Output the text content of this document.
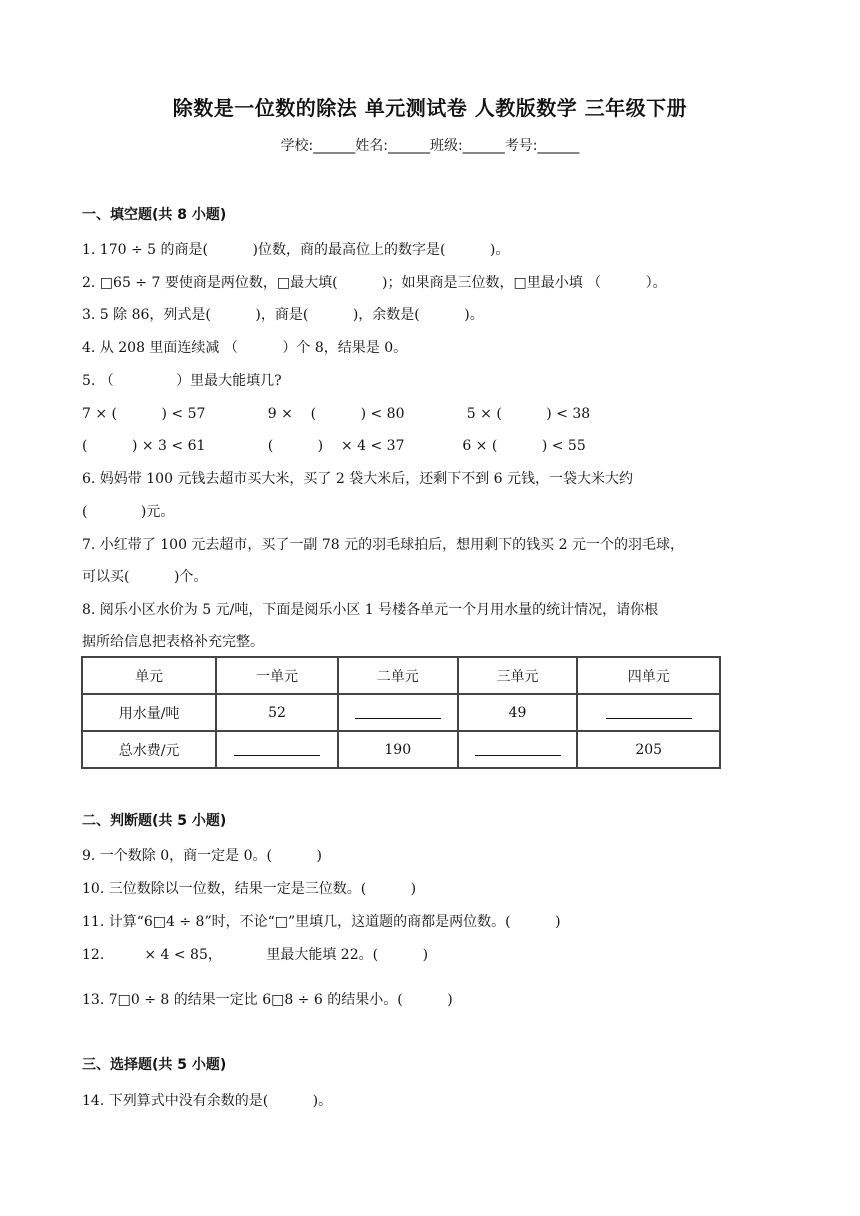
除数是一位数的除法 单元测试卷 人教版数学 三年级下册
学校:______姓名:______班级:______考号:______
一、填空题(共 8 小题)
1. 170 ÷ 5 的商是(          )位数，商的最高位上的数字是(          )。
2. □65 ÷ 7 要使商是两位数，□最大填(          )；如果商是三位数，□里最小填 （          ）。
3. 5 除 86，列式是(          )，商是(          )，余数是(          )。
4. 从 208 里面连续减 （          ）个 8，结果是 0。
5. （              ）里最大能填几?
7 × (          ) < 57              9 ×    (          ) < 80              5 × (          ) < 38
(          ) × 3 < 61              (          )    × 4 < 37             6 × (          ) < 55
6. 妈妈带 100 元钱去超市买大米，买了 2 袋大米后，还剩下不到 6 元钱，一袋大米大约
(            )元。
7. 小红带了 100 元去超市，买了一副 78 元的羽毛球拍后，想用剩下的钱买 2 元一个的羽毛球，
可以买(          )个。
8. 阅乐小区水价为 5 元/吨，下面是阅乐小区 1 号楼各单元一个月用水量的统计情况，请你根
据所给信息把表格补充完整。
单元	一单元	二单元	三单元	四单元
用水量/吨	52		49	
总水费/元		190		205
二、判断题(共 5 小题)
9. 一个数除 0，商一定是 0。(          )
10. 三位数除以一位数，结果一定是三位数。(          )
11. 计算“6□4 ÷ 8”时，不论“□”里填几，这道题的商都是两位数。(          )
12.         × 4 < 85，          里最大能填 22。(          )
13. 7□0 ÷ 8 的结果一定比 6□8 ÷ 6 的结果小。(          )
三、选择题(共 5 小题)
14. 下列算式中没有余数的是(          )。
